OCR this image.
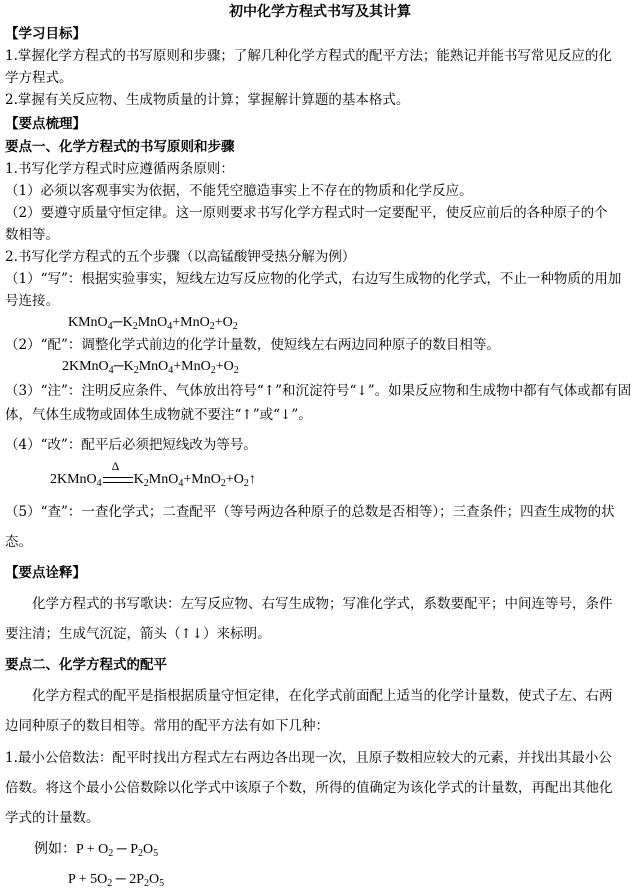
初中化学方程式书写及其计算
【学习目标】
1.掌握化学方程式的书写原则和步骤；了解几种化学方程式的配平方法；能熟记并能书写常见反应的化
学方程式。
2.掌握有关反应物、生成物质量的计算；掌握解计算题的基本格式。
【要点梳理】
要点一、化学方程式的书写原则和步骤
1.书写化学方程式时应遵循两条原则：
（1）必须以客观事实为依据，不能凭空臆造事实上不存在的物质和化学反应。
（2）要遵守质量守恒定律。这一原则要求书写化学方程式时一定要配平，使反应前后的各种原子的个
数相等。
2.书写化学方程式的五个步骤（以高锰酸钾受热分解为例）
（1）“写”：根据实验事实，短线左边写反应物的化学式，右边写生成物的化学式，不止一种物质的用加
号连接。
$KMnO_4─K_2MnO_4+MnO_2+O_2$
（2）“配”：调整化学式前边的化学计量数，使短线左右两边同种原子的数目相等。
$2KMnO_4─K_2MnO_4+MnO_2+O_2$
（3）“注”：注明反应条件、气体放出符号“↑”和沉淀符号“↓”。如果反应物和生成物中都有气体或都有固
体，气体生成物或固体生成物就不要注“↑”或“↓”。
（4）“改”：配平后必须把短线改为等号。
2KMnO$_4$
Δ
$K_2MnO_4+MnO_2+O_2↑$
（5）“查”：一查化学式；二查配平（等号两边各种原子的总数是否相等）；三查条件；四查生成物的状
态。
【要点诠释】
化学方程式的书写歌诀：左写反应物、右写生成物；写准化学式，系数要配平；中间连等号，条件
要注清；生成气沉淀，箭头（↑↓）来标明。
要点二、化学方程式的配平
化学方程式的配平是指根据质量守恒定律，在化学式前面配上适当的化学计量数，使式子左、右两
边同种原子的数目相等。常用的配平方法有如下几种：
1.最小公倍数法：配平时找出方程式左右两边各出现一次，且原子数相应较大的元素，并找出其最小公
倍数。将这个最小公倍数除以化学式中该原子个数，所得的值确定为该化学式的计量数，再配出其他化
学式的计量数。
例如：$P + O_2$ ─ $P_2O_5$
$P + 5O_2$ ─ $2P_2O_5$
